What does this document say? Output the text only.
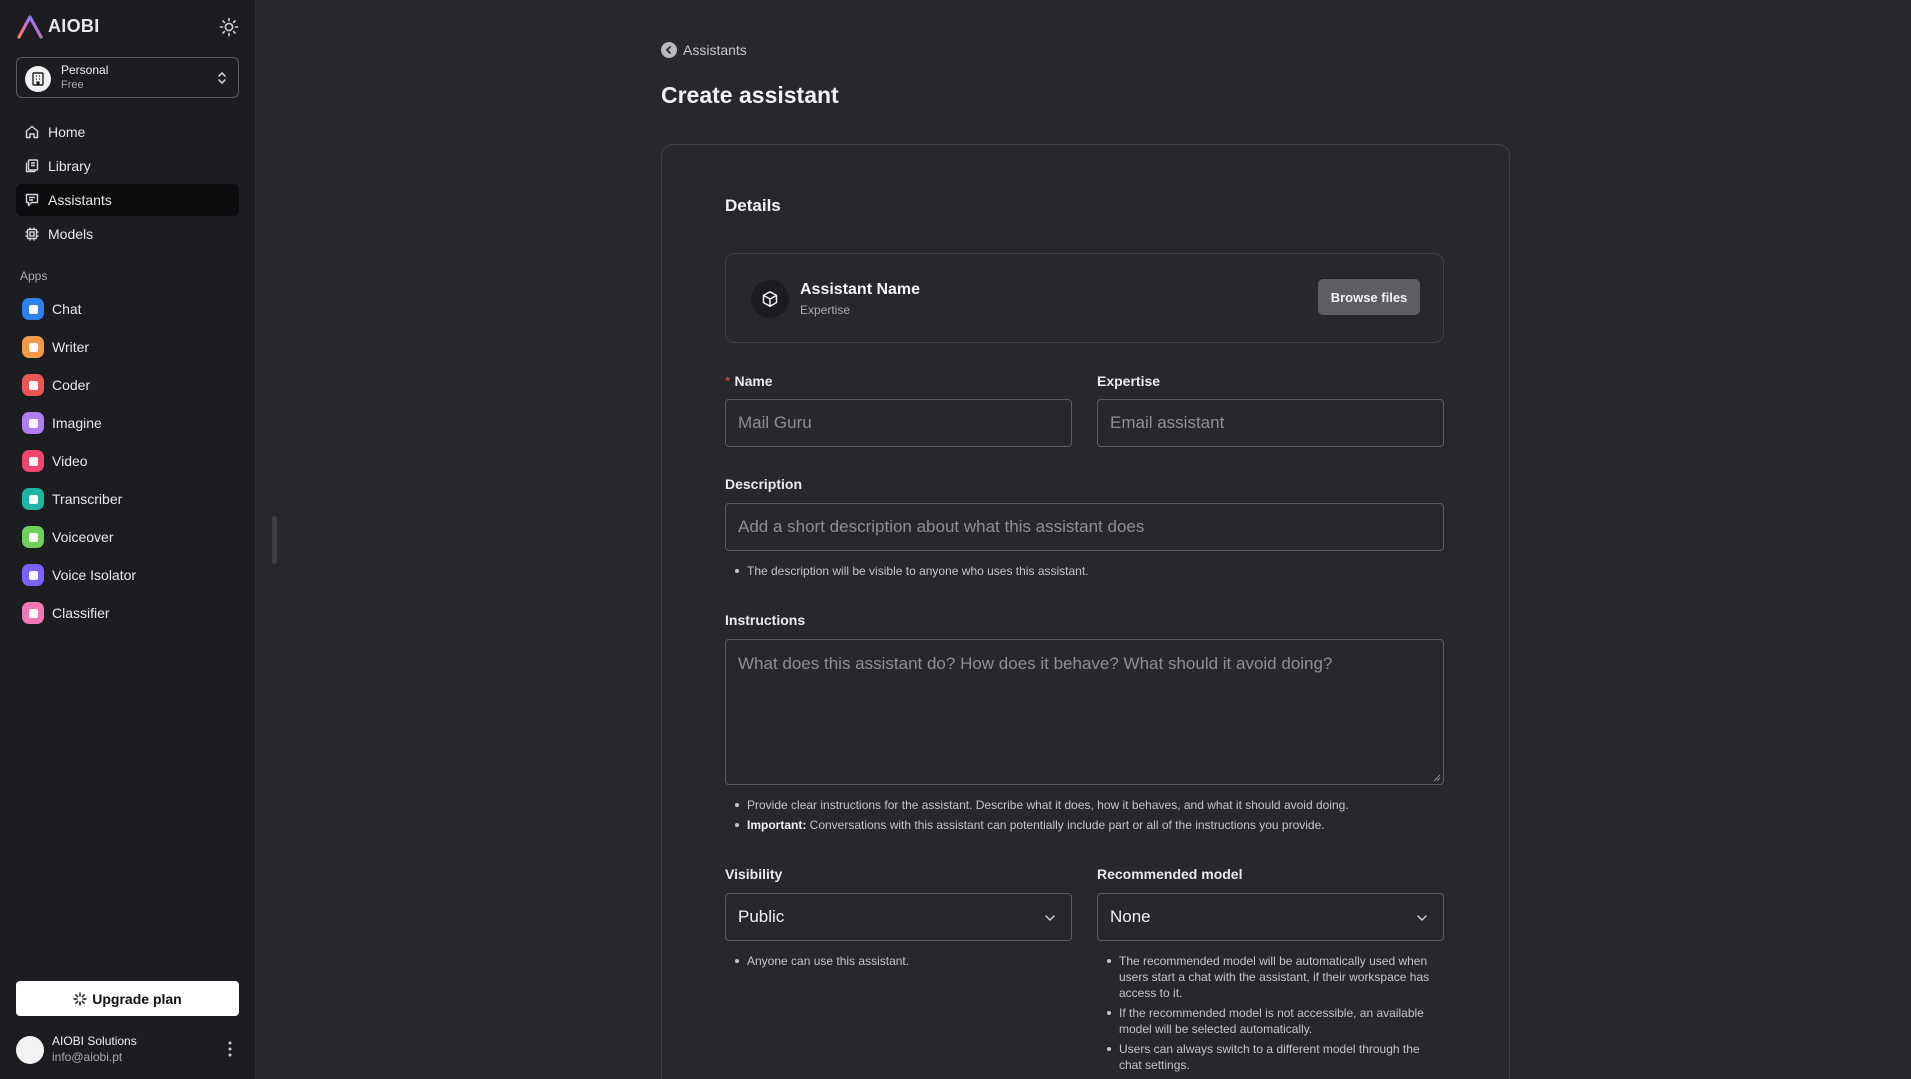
AIOBI
Personal
Free
Home
Library
Assistants
Models
Apps
Chat
Writer
Coder
Imagine
Video
Transcriber
Voiceover
Voice Isolator
Classifier
Upgrade plan
AIOBI Solutions
info@aiobi.pt
Assistants
Create assistant
Details
Assistant Name
Expertise
Browse files
* Name
Mail Guru
Expertise
Email assistant
Description
Add a short description about what this assistant does
The description will be visible to anyone who uses this assistant.
Instructions
What does this assistant do? How does it behave? What should it avoid doing?
Provide clear instructions for the assistant. Describe what it does, how it behaves, and what it should avoid doing.
Important: Conversations with this assistant can potentially include part or all of the instructions you provide.
Visibility
Public
Anyone can use this assistant.
Recommended model
None
The recommended model will be automatically used when users start a chat with the assistant, if their workspace has access to it.
If the recommended model is not accessible, an available model will be selected automatically.
Users can always switch to a different model through the chat settings.
